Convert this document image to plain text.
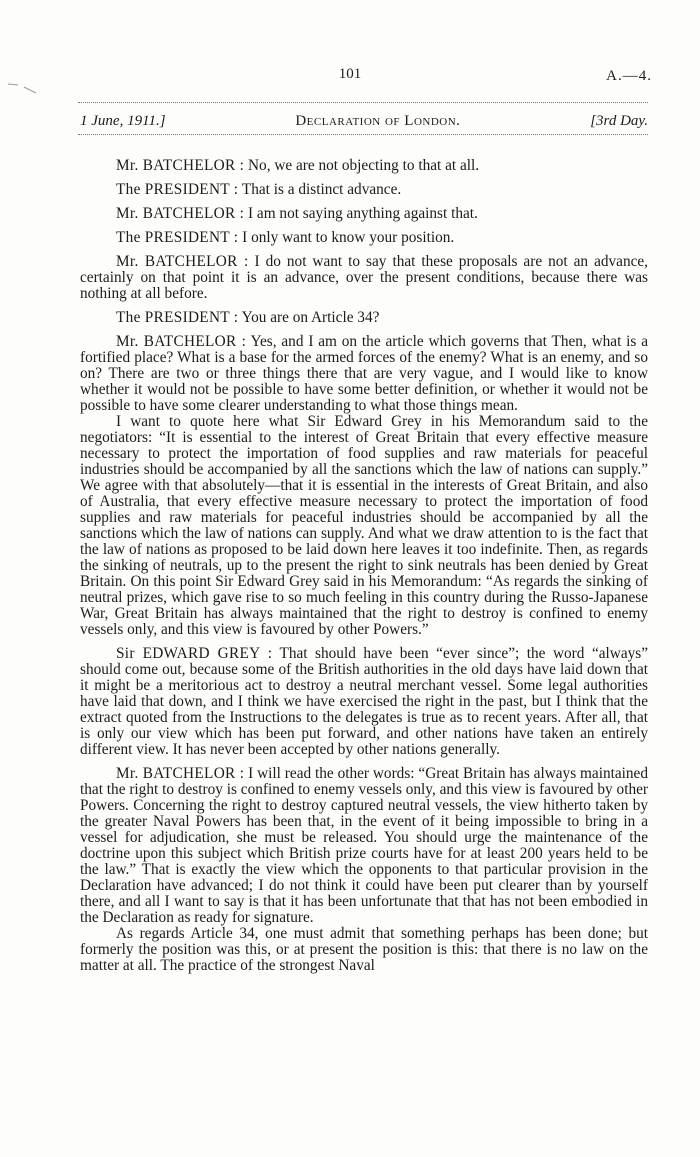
101	A.—4.
1 June, 1911.]	Declaration of London.	[3rd Day.

Mr. BATCHELOR : No, we are not objecting to that at all.

The PRESIDENT : That is a distinct advance.

Mr. BATCHELOR : I am not saying anything against that.

The PRESIDENT : I only want to know your position.

Mr. BATCHELOR : I do not want to say that these proposals are not an advance, certainly on that point it is an advance, over the present conditions, because there was nothing at all before.

The PRESIDENT : You are on Article 34?

Mr. BATCHELOR : Yes, and I am on the article which governs that Then, what is a fortified place? What is a base for the armed forces of the enemy? What is an enemy, and so on? There are two or three things there that are very vague, and I would like to know whether it would not be possible to have some better definition, or whether it would not be possible to have some clearer understanding to what those things mean.

I want to quote here what Sir Edward Grey in his Memorandum said to the negotiators: “It is essential to the interest of Great Britain that every effective measure necessary to protect the importation of food supplies and raw materials for peaceful industries should be accompanied by all the sanctions which the law of nations can supply.” We agree with that absolutely—that it is essential in the interests of Great Britain, and also of Australia, that every effective measure necessary to protect the importation of food supplies and raw materials for peaceful industries should be accompanied by all the sanctions which the law of nations can supply. And what we draw attention to is the fact that the law of nations as proposed to be laid down here leaves it too indefinite. Then, as regards the sinking of neutrals, up to the present the right to sink neutrals has been denied by Great Britain. On this point Sir Edward Grey said in his Memorandum: “As regards the sinking of neutral prizes, which gave rise to so much feeling in this country during the Russo-Japanese War, Great Britain has always maintained that the right to destroy is confined to enemy vessels only, and this view is favoured by other Powers.”

Sir EDWARD GREY : That should have been “ever since”; the word “always” should come out, because some of the British authorities in the old days have laid down that it might be a meritorious act to destroy a neutral merchant vessel. Some legal authorities have laid that down, and I think we have exercised the right in the past, but I think that the extract quoted from the Instructions to the delegates is true as to recent years. After all, that is only our view which has been put forward, and other nations have taken an entirely different view. It has never been accepted by other nations generally.

Mr. BATCHELOR : I will read the other words: “Great Britain has always maintained that the right to destroy is confined to enemy vessels only, and this view is favoured by other Powers. Concerning the right to destroy captured neutral vessels, the view hitherto taken by the greater Naval Powers has been that, in the event of it being impossible to bring in a vessel for adjudication, she must be released. You should urge the maintenance of the doctrine upon this subject which British prize courts have for at least 200 years held to be the law.” That is exactly the view which the opponents to that particular provision in the Declaration have advanced; I do not think it could have been put clearer than by yourself there, and all I want to say is that it has been unfortunate that that has not been embodied in the Declaration as ready for signature.

As regards Article 34, one must admit that something perhaps has been done; but formerly the position was this, or at present the position is this: that there is no law on the matter at all. The practice of the strongest Naval
